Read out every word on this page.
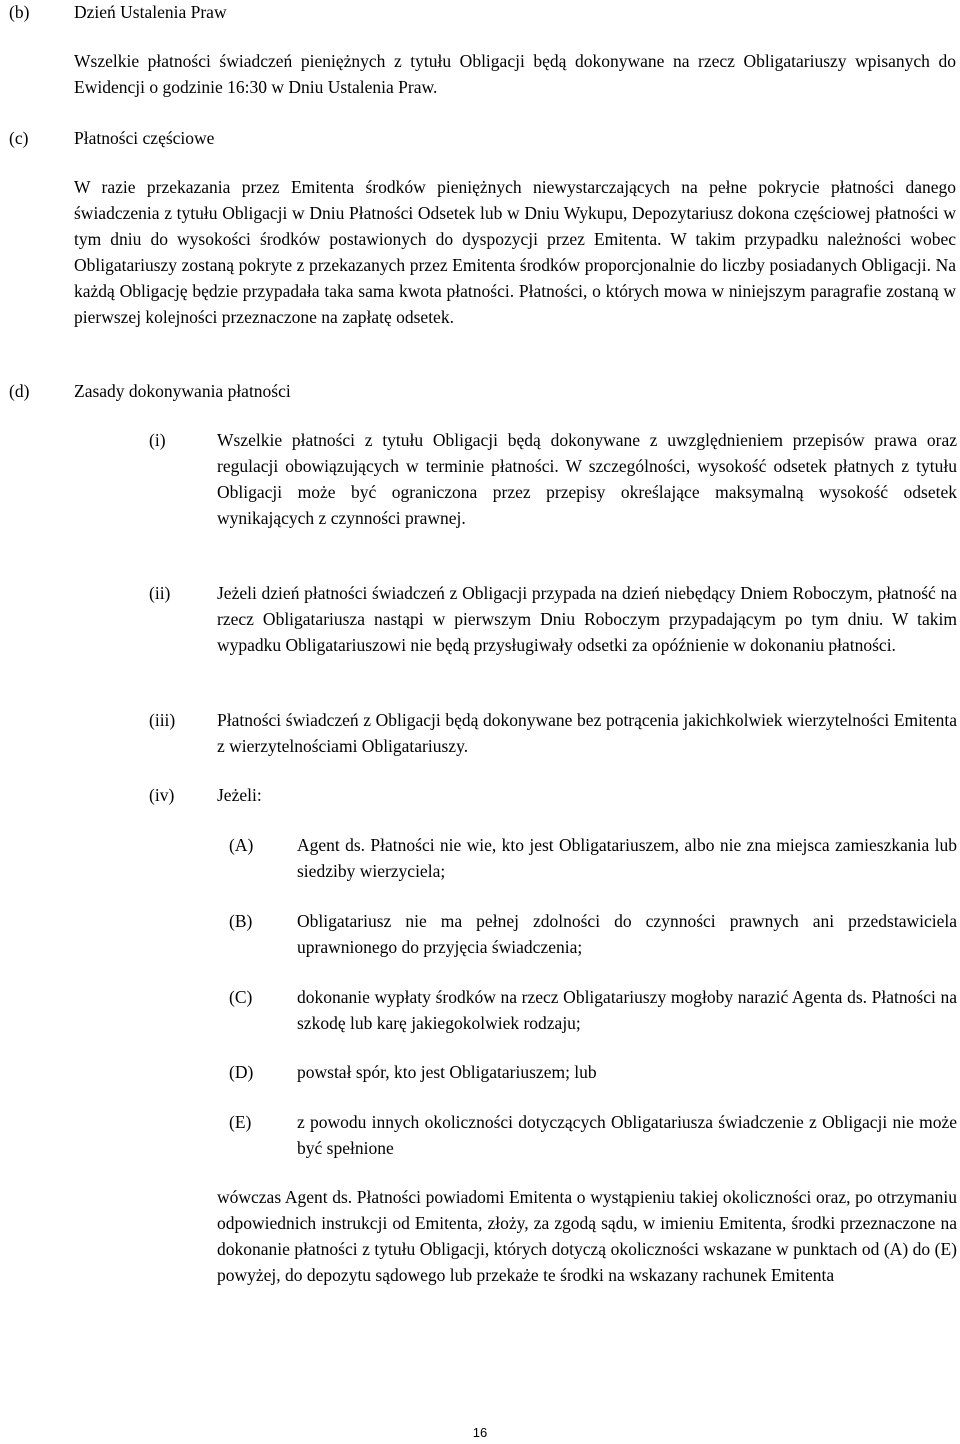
(b)	Dzień Ustalenia Praw
Wszelkie płatności świadczeń pieniężnych z tytułu Obligacji będą dokonywane na rzecz Obligatariuszy wpisanych do Ewidencji o godzinie 16:30 w Dniu Ustalenia Praw.
(c)	Płatności częściowe
W razie przekazania przez Emitenta środków pieniężnych niewystarczających na pełne pokrycie płatności danego świadczenia z tytułu Obligacji w Dniu Płatności Odsetek lub w Dniu Wykupu, Depozytariusz dokona częściowej płatności w tym dniu do wysokości środków postawionych do dyspozycji przez Emitenta. W takim przypadku należności wobec Obligatariuszy zostaną pokryte z przekazanych przez Emitenta środków proporcjonalnie do liczby posiadanych Obligacji. Na każdą Obligację będzie przypadała taka sama kwota płatności. Płatności, o których mowa w niniejszym paragrafie zostaną w pierwszej kolejności przeznaczone na zapłatę odsetek.
(d)	Zasady dokonywania płatności
(i)	Wszelkie płatności z tytułu Obligacji będą dokonywane z uwzględnieniem przepisów prawa oraz regulacji obowiązujących w terminie płatności. W szczególności, wysokość odsetek płatnych z tytułu Obligacji może być ograniczona przez przepisy określające maksymalną wysokość odsetek wynikających z czynności prawnej.
(ii)	Jeżeli dzień płatności świadczeń z Obligacji przypada na dzień niebędący Dniem Roboczym, płatność na rzecz Obligatariusza nastąpi w pierwszym Dniu Roboczym przypadającym po tym dniu. W takim wypadku Obligatariuszowi nie będą przysługiwały odsetki za opóźnienie w dokonaniu płatności.
(iii) Płatności świadczeń z Obligacji będą dokonywane bez potrącenia jakichkolwiek wierzytelności Emitenta z wierzytelnościami Obligatariuszy.
(iv) Jeżeli:
(A) Agent ds. Płatności nie wie, kto jest Obligatariuszem, albo nie zna miejsca zamieszkania lub siedziby wierzyciela;
(B)	Obligatariusz nie ma pełnej zdolności do czynności prawnych ani przedstawiciela uprawnionego do przyjęcia świadczenia;
(C)	dokonanie wypłaty środków na rzecz Obligatariuszy mogłoby narazić Agenta ds. Płatności na szkodę lub karę jakiegokolwiek rodzaju;
(D) powstał spór, kto jest Obligatariuszem; lub
(E)	z powodu innych okoliczności dotyczących Obligatariusza świadczenie z Obligacji nie może być spełnione
wówczas Agent ds. Płatności powiadomi Emitenta o wystąpieniu takiej okoliczności oraz, po otrzymaniu odpowiednich instrukcji od Emitenta, złoży, za zgodą sądu, w imieniu Emitenta, środki przeznaczone na dokonanie płatności z tytułu Obligacji, których dotyczą okoliczności wskazane w punktach od (A) do (E) powyżej, do depozytu sądowego lub przekaże te środki na wskazany rachunek Emitenta
16
